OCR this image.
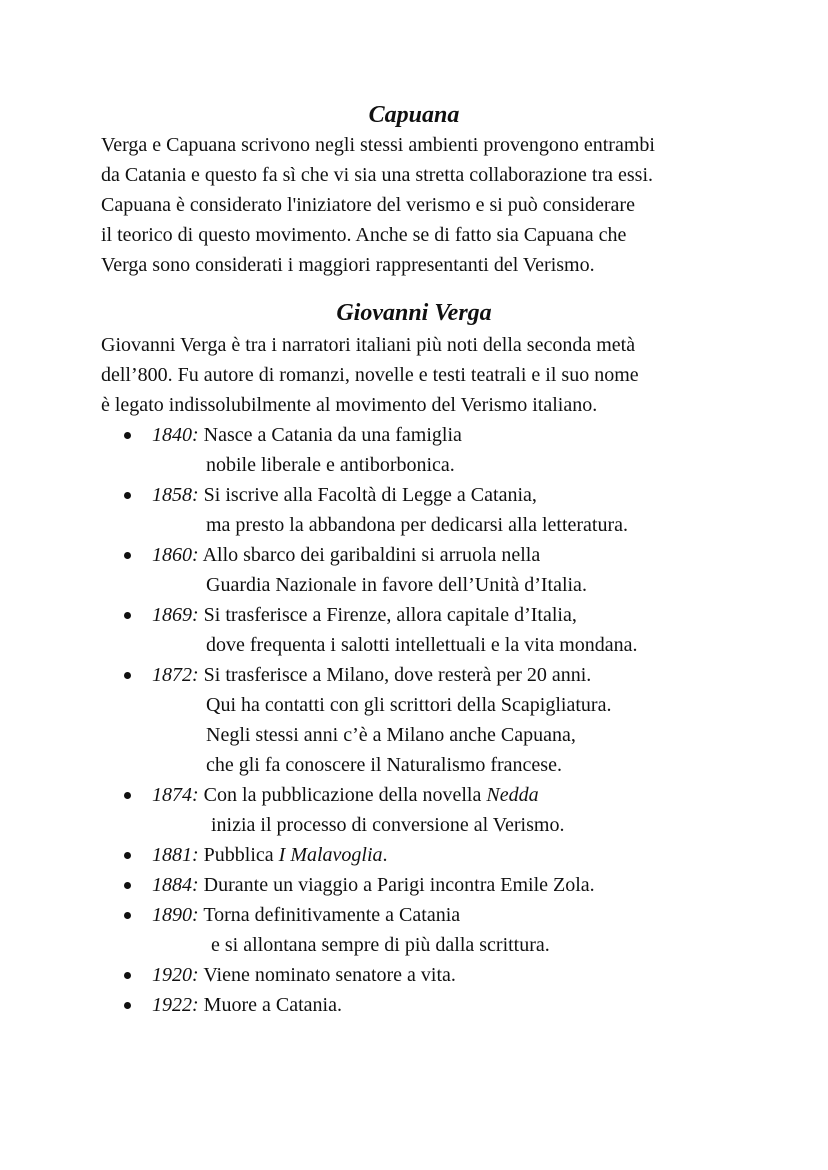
Capuana

Verga e Capuana scrivono negli stessi ambienti provengono entrambi

da Catania e questo fa sì che vi sia una stretta collaborazione tra essi.

Capuana è considerato l'iniziatore del verismo e si può considerare

il teorico di questo movimento. Anche se di fatto sia Capuana che

Verga sono considerati i maggiori rappresentanti del Verismo.

Giovanni Verga

Giovanni Verga è tra i narratori italiani più noti della seconda metà

dell’800. Fu autore di romanzi, novelle e testi teatrali e il suo nome

è legato indissolubilmente al movimento del Verismo italiano.

1840: Nasce a Catania da una famiglia

nobile liberale e antiborbonica.

1858: Si iscrive alla Facoltà di Legge a Catania,

ma presto la abbandona per dedicarsi alla letteratura.

1860: Allo sbarco dei garibaldini si arruola nella

Guardia Nazionale in favore dell’Unità d’Italia.

1869: Si trasferisce a Firenze, allora capitale d’Italia,

dove frequenta i salotti intellettuali e la vita mondana.

1872: Si trasferisce a Milano, dove resterà per 20 anni.

Qui ha contatti con gli scrittori della Scapigliatura.

Negli stessi anni c’è a Milano anche Capuana,

che gli fa conoscere il Naturalismo francese.

1874: Con la pubblicazione della novella Nedda

inizia il processo di conversione al Verismo.

1881: Pubblica I Malavoglia.

1884: Durante un viaggio a Parigi incontra Emile Zola.

1890: Torna definitivamente a Catania

e si allontana sempre di più dalla scrittura.

1920: Viene nominato senatore a vita.

1922: Muore a Catania.
